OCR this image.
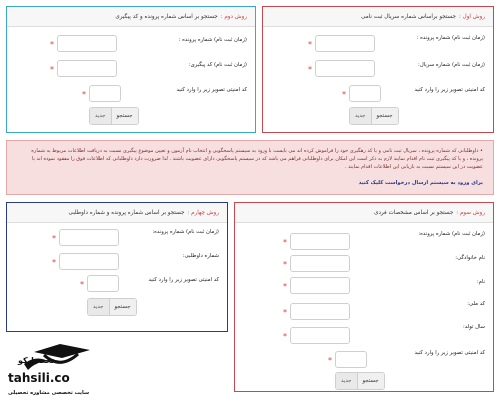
روش اول :
جستجو براساس شماره سریال ثبت نامی
(زمان ثبت نام) شماره پرونده :
*
(زمان ثبت نام) شماره سریال:
*
کد امنیتی تصویر زیر را وارد کنید
*
جستجو
جدید
روش دوم :
جستجو بر اساس شماره پرونده و کد پیگیری
(زمان ثبت نام) شماره پرونده :
*
(زمان ثبت نام) کد پیگیری:
*
کد امنیتی تصویر زیر را وارد کنید
*
جستجو
جدید
• داوطلبانی که شماره پرونده ، سریال ثبت نامی و یا کد رهگیری خود را فراموش کرده اند می بایست با ورود به سیستم پاسخگویی و انتخاب نام آزمون و تعیین موضوع پیگیری نسبت به دریافت اطلاعات مربوط به شماره پرونده ، و یا کد پیگیری ثبت نام اقدام نمایند لازم به ذکر است این امکان برای داوطلبانی فراهم می باشد که در سیستم پاسخگویی دارای عضویت باشند . لذا ضرورت دارد داوطلبانی که اطلاعات فوق را مفقود نموده اند با عضویت در این سیستم نسبت به بازیابی این اطلاعات اقدام نمایند .
برای ورود به سیستم ارسال درخواست کلیک کنید
روش سوم :
جستجو بر اساس مشخصات فردی
(زمان ثبت نام) شماره پرونده:
*
نام خانوادگی:
*
نام:
*
کد ملی:
*
سال تولد:
*
کد امنیتی تصویر زیر را وارد کنید
*
جستجو
جدید
روش چهارم :
جستجو بر اساس شماره پرونده و شماره داوطلبی
(زمان ثبت نام) شماره پرونده:
*
شماره داوطلبی:
*
کد امنیتی تصویر زیر را وارد کنید
*
جستجو
جدید
تحصیلیکو
tahsili.co
سایت تخصصی مشاوره تحصیلی
